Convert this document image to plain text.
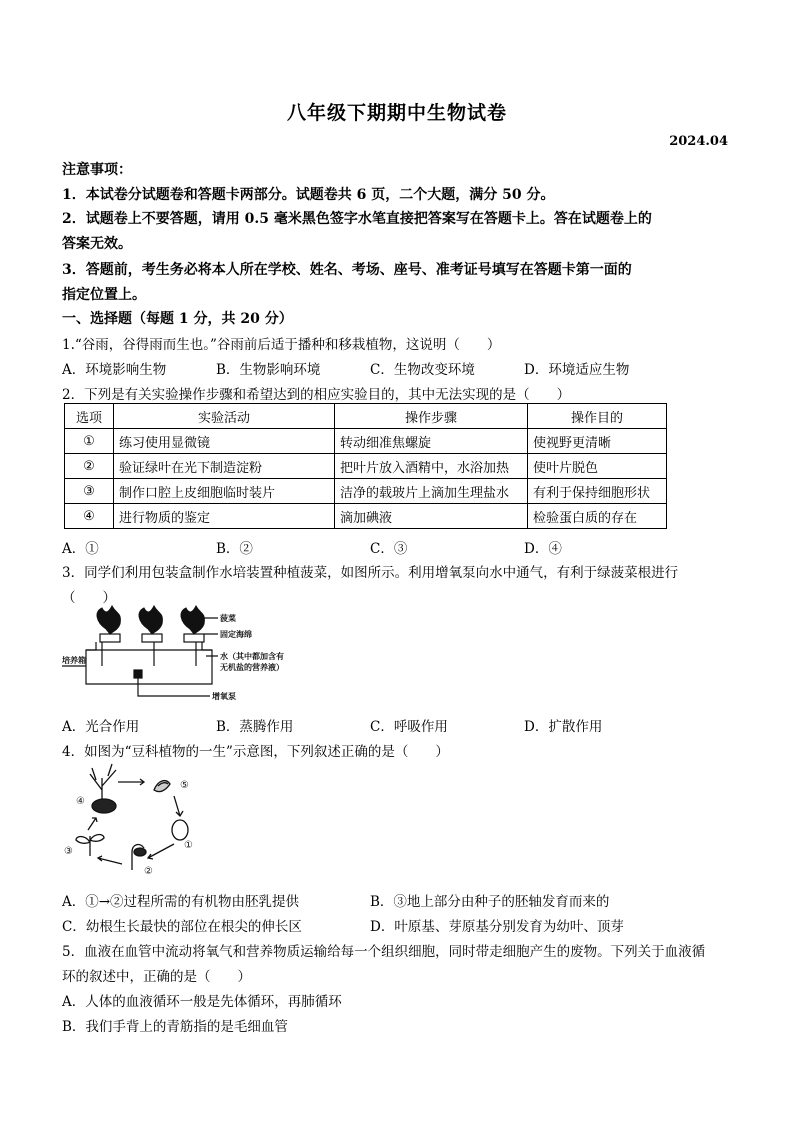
八年级下期期中生物试卷
2024.04
注意事项：
1．本试卷分试题卷和答题卡两部分。试题卷共 6 页，二个大题，满分 50 分。
2．试题卷上不要答题，请用 0.5 毫米黑色签字水笔直接把答案写在答题卡上。答在试题卷上的
答案无效。
3．答题前，考生务必将本人所在学校、姓名、考场、座号、准考证号填写在答题卡第一面的
指定位置上。
一、选择题（每题 1 分，共 20 分）
1.“谷雨，谷得雨而生也。”谷雨前后适于播种和移栽植物，这说明（　　）
A．环境影响生物	B．生物影响环境	C．生物改变环境	D．环境适应生物
2．下列是有关实验操作步骤和希望达到的相应实验目的，其中无法实现的是（　　）
选项	实验活动	操作步骤	操作目的
①	练习使用显微镜	转动细准焦螺旋	使视野更清晰
②	验证绿叶在光下制造淀粉	把叶片放入酒精中，水浴加热	使叶片脱色
③	制作口腔上皮细胞临时装片	洁净的载玻片上滴加生理盐水	有利于保持细胞形状
④	进行物质的鉴定	滴加碘液	检验蛋白质的存在
A．①	B．②	C．③	D．④
3．同学们利用包装盒制作水培装置种植菠菜，如图所示。利用增氧泵向水中通气，有利于绿菠菜根进行
（　　）
菠菜
固定海绵
水（其中都加含有
无机盐的营养液）
增氧泵
培养箱
A．光合作用	B．蒸腾作用	C．呼吸作用	D．扩散作用
4．如图为“豆科植物的一生”示意图，下列叙述正确的是（　　）
①
②
③
④
⑤
A．①→②过程所需的有机物由胚乳提供	B．③地上部分由种子的胚轴发育而来的
C．幼根生长最快的部位在根尖的伸长区	D．叶原基、芽原基分别发育为幼叶、顶芽
5．血液在血管中流动将氧气和营养物质运输给每一个组织细胞，同时带走细胞产生的废物。下列关于血液循
环的叙述中，正确的是（　　）
A．人体的血液循环一般是先体循环，再肺循环
B．我们手背上的青筋指的是毛细血管
